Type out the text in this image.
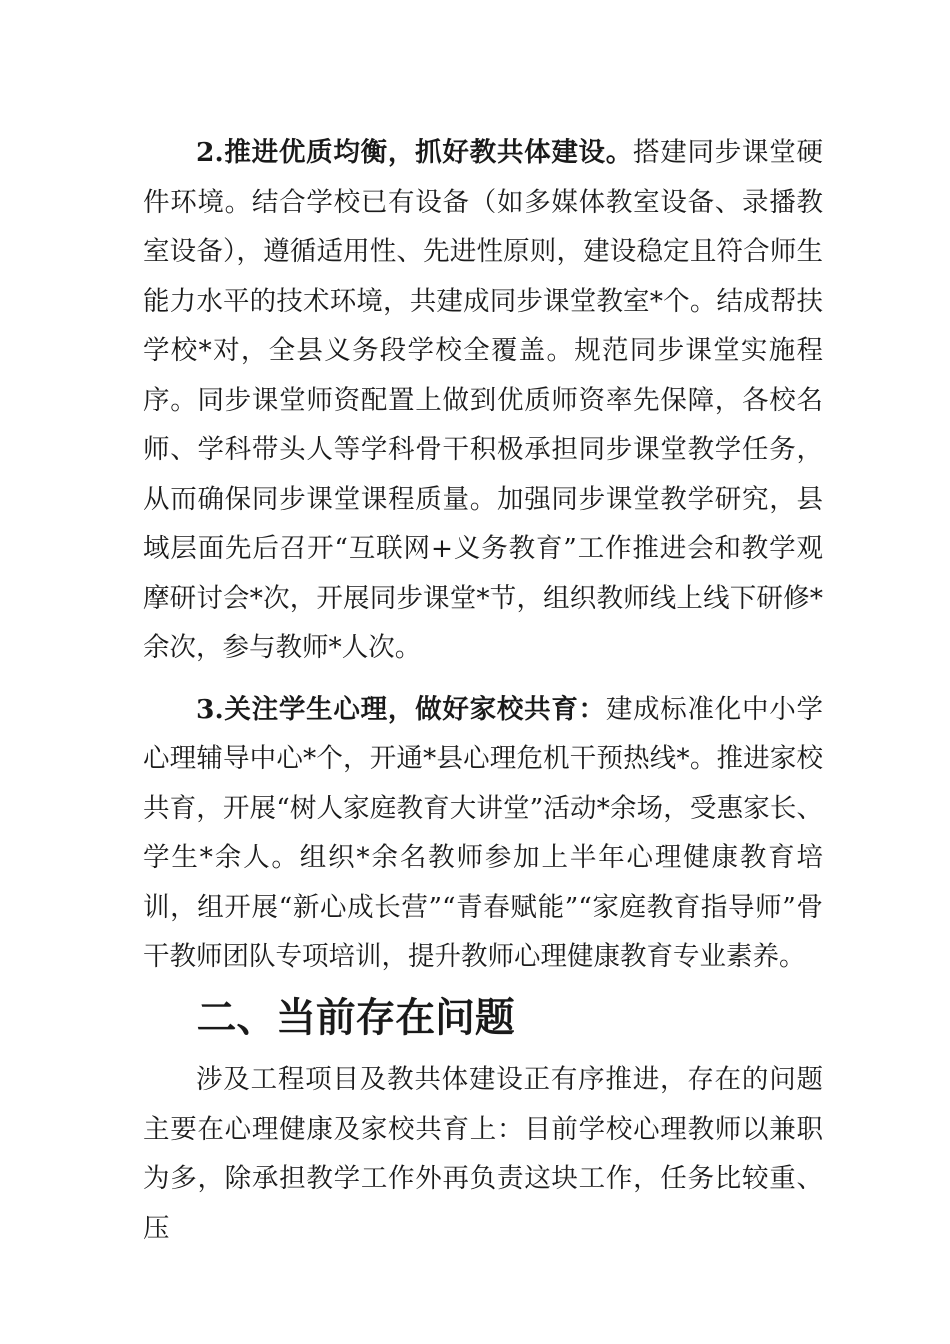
2.推进优质均衡，抓好教共体建设。搭建同步课堂硬件环境。结合学校已有设备（如多媒体教室设备、录播教室设备），遵循适用性、先进性原则，建设稳定且符合师生能力水平的技术环境，共建成同步课堂教室*个。结成帮扶学校*对，全县义务段学校全覆盖。规范同步课堂实施程序。同步课堂师资配置上做到优质师资率先保障，各校名师、学科带头人等学科骨干积极承担同步课堂教学任务，从而确保同步课堂课程质量。加强同步课堂教学研究，县域层面先后召开“互联网+义务教育”工作推进会和教学观摩研讨会*次，开展同步课堂*节，组织教师线上线下研修*余次，参与教师*人次。

3.关注学生心理，做好家校共育：建成标准化中小学心理辅导中心*个，开通*县心理危机干预热线*。推进家校共育，开展“树人家庭教育大讲堂”活动*余场，受惠家长、学生*余人。组织*余名教师参加上半年心理健康教育培训，组开展“新心成长营”“青春赋能”“家庭教育指导师”骨干教师团队专项培训，提升教师心理健康教育专业素养。

二、当前存在问题

涉及工程项目及教共体建设正有序推进，存在的问题主要在心理健康及家校共育上：目前学校心理教师以兼职为多，除承担教学工作外再负责这块工作，任务比较重、压
